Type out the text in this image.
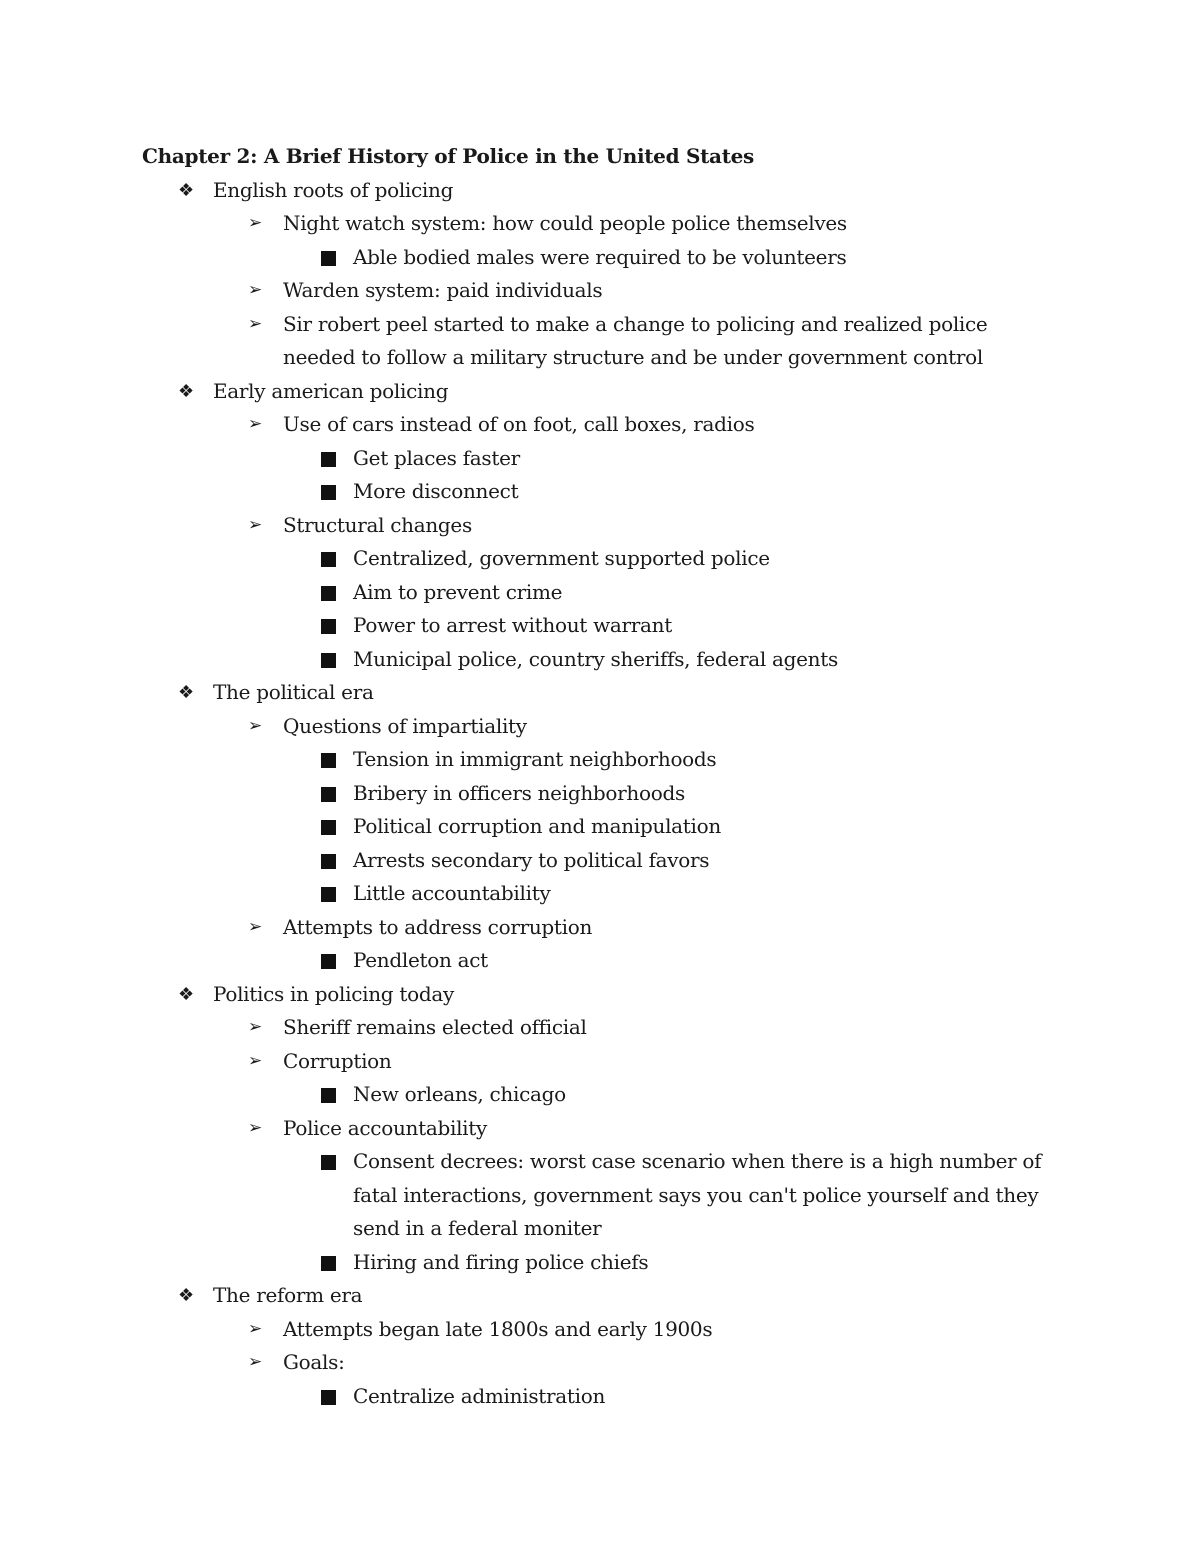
Chapter 2: A Brief History of Police in the United States
❖ English roots of policing
➢ Night watch system: how could people police themselves
Able bodied males were required to be volunteers
➢ Warden system: paid individuals
➢ Sir robert peel started to make a change to policing and realized police needed to follow a military structure and be under government control
❖ Early american policing
➢ Use of cars instead of on foot, call boxes, radios
Get places faster
More disconnect
➢ Structural changes
Centralized, government supported police
Aim to prevent crime
Power to arrest without warrant
Municipal police, country sheriffs, federal agents
❖ The political era
➢ Questions of impartiality
Tension in immigrant neighborhoods
Bribery in officers neighborhoods
Political corruption and manipulation
Arrests secondary to political favors
Little accountability
➢ Attempts to address corruption
Pendleton act
❖ Politics in policing today
➢ Sheriff remains elected official
➢ Corruption
New orleans, chicago
➢ Police accountability
Consent decrees: worst case scenario when there is a high number of fatal interactions, government says you can't police yourself and they send in a federal moniter
Hiring and firing police chiefs
❖ The reform era
➢ Attempts began late 1800s and early 1900s
➢ Goals:
Centralize administration
